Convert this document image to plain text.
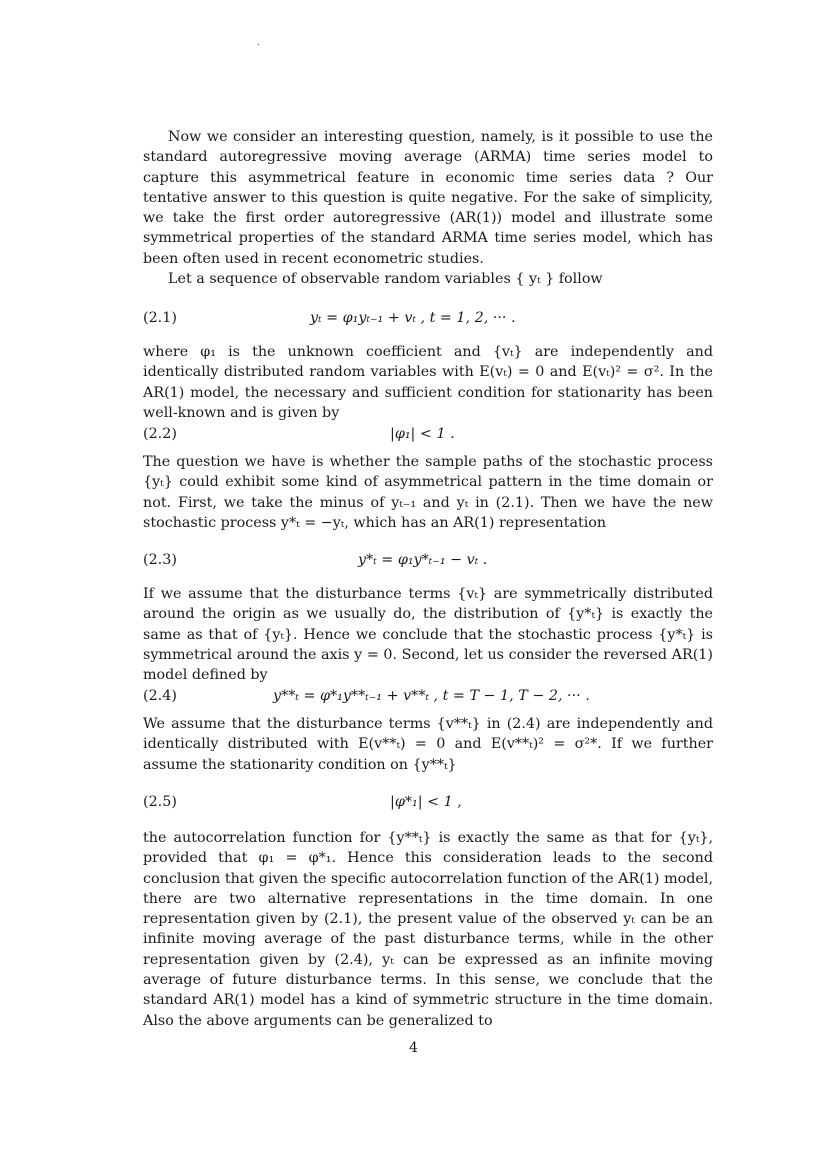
Now we consider an interesting question, namely, is it possible to use the standard autoregressive moving average (ARMA) time series model to capture this asymmetrical feature in economic time series data ? Our tentative answer to this question is quite negative. For the sake of simplicity, we take the first order autoregressive (AR(1)) model and illustrate some symmetrical properties of the standard ARMA time series model, which has been often used in recent econometric studies.

Let a sequence of observable random variables { yₜ } follow

(2.1)	yₜ = φ₁yₜ₋₁ + vₜ , t = 1, 2, ··· .

where φ₁ is the unknown coefficient and {vₜ} are independently and identically distributed random variables with E(vₜ) = 0 and E(vₜ)² = σ². In the AR(1) model, the necessary and sufficient condition for stationarity has been well-known and is given by

(2.2)	|φ₁| < 1 .

The question we have is whether the sample paths of the stochastic process {yₜ} could exhibit some kind of asymmetrical pattern in the time domain or not. First, we take the minus of yₜ₋₁ and yₜ in (2.1). Then we have the new stochastic process y*ₜ = −yₜ, which has an AR(1) representation

(2.3)	y*ₜ = φ₁y*ₜ₋₁ − vₜ .

If we assume that the disturbance terms {vₜ} are symmetrically distributed around the origin as we usually do, the distribution of {y*ₜ} is exactly the same as that of {yₜ}. Hence we conclude that the stochastic process {y*ₜ} is symmetrical around the axis y = 0. Second, let us consider the reversed AR(1) model defined by

(2.4)	y**ₜ = φ*₁y**ₜ₋₁ + v**ₜ , t = T − 1, T − 2, ··· .

We assume that the disturbance terms {v**ₜ} in (2.4) are independently and identically distributed with E(v**ₜ) = 0 and E(v**ₜ)² = σ²*. If we further assume the stationarity condition on {y**ₜ}

(2.5)	|φ*₁| < 1 ,

the autocorrelation function for {y**ₜ} is exactly the same as that for {yₜ}, provided that φ₁ = φ*₁. Hence this consideration leads to the second conclusion that given the specific autocorrelation function of the AR(1) model, there are two alternative representations in the time domain. In one representation given by (2.1), the present value of the observed yₜ can be an infinite moving average of the past disturbance terms, while in the other representation given by (2.4), yₜ can be expressed as an infinite moving average of future disturbance terms. In this sense, we conclude that the standard AR(1) model has a kind of symmetric structure in the time domain. Also the above arguments can be generalized to

4
